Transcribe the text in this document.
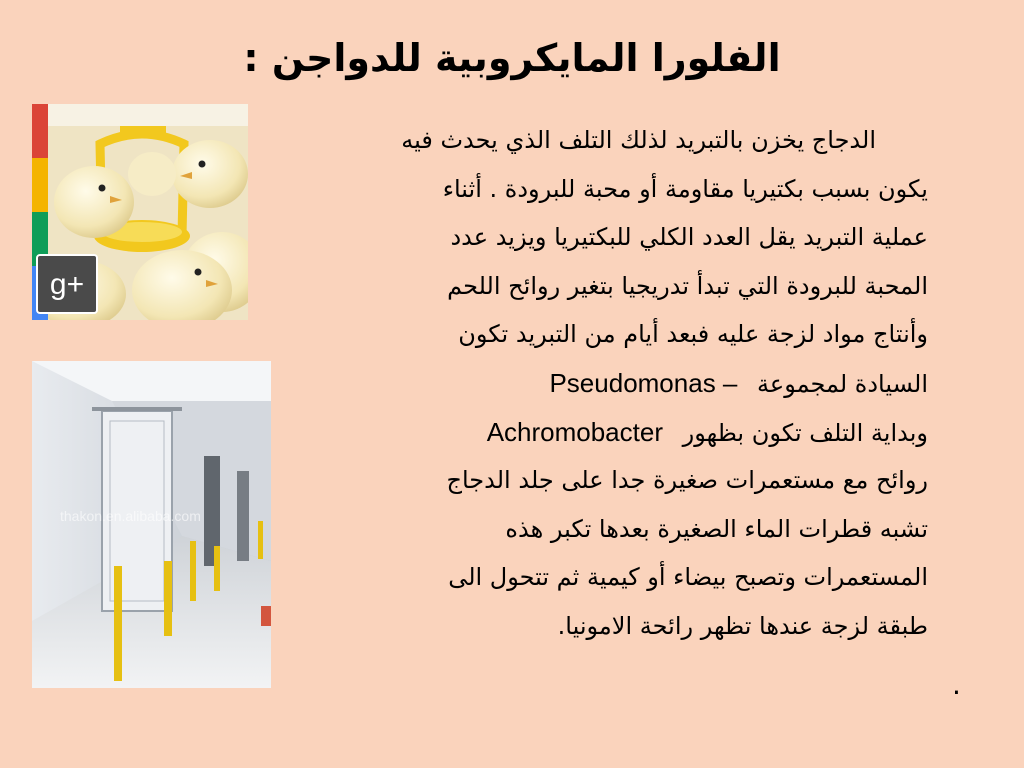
الفلورا المايكروبية للدواجن :
g+
thakon.en.alibaba.com
الدجاج يخزن بالتبريد لذلك التلف الذي يحدث فيه
يكون بسبب بكتيريا مقاومة أو محبة للبرودة . أثناء
عملية التبريد يقل العدد الكلي للبكتيريا ويزيد عدد
المحبة للبرودة التي تبدأ تدريجيا بتغير روائح اللحم
وأنتاج مواد لزجة عليه فبعد أيام من التبريد تكون
السيادة لمجموعة Pseudomonas –
وبداية التلف تكون بظهور Achromobacter
روائح مع مستعمرات صغيرة جدا على جلد الدجاج
تشبه قطرات الماء الصغيرة بعدها تكبر هذه
المستعمرات وتصبح بيضاء أو كيمية ثم تتحول الى
طبقة لزجة عندها تظهر رائحة الامونيا.
.
